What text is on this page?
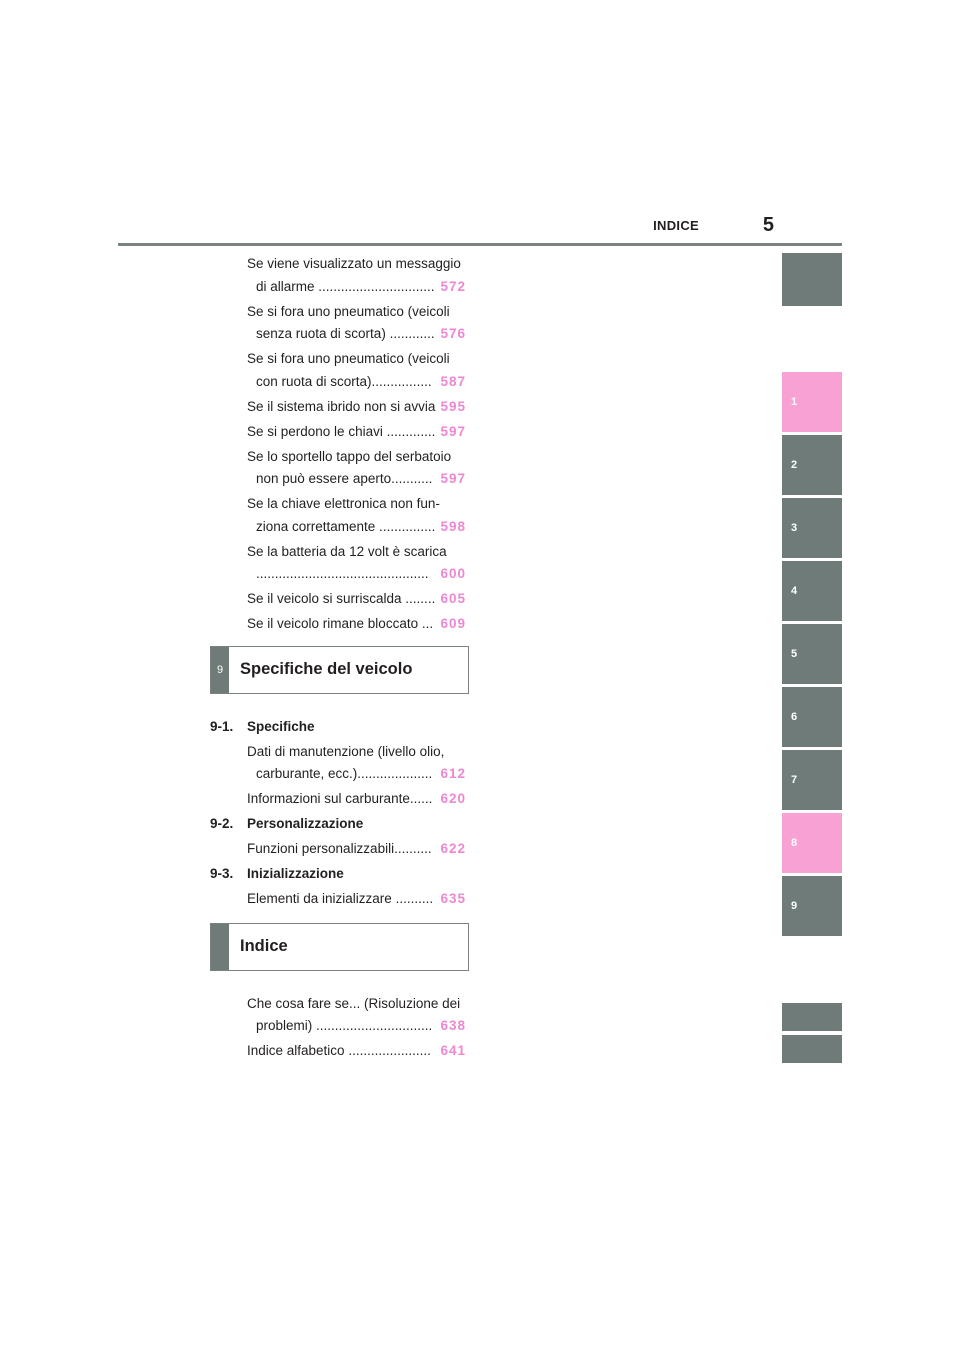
INDICE	5
Se viene visualizzato un messaggio
di allarme ............................... 572
Se si fora uno pneumatico (veicoli
senza ruota di scorta) ............ 576
Se si fora uno pneumatico (veicoli
con ruota di scorta)................ 587
Se il sistema ibrido non si avvia 595
Se si perdono le chiavi ............. 597
Se lo sportello tappo del serbatoio
non può essere aperto........... 597
Se la chiave elettronica non fun-
ziona correttamente ............... 598
Se la batteria da 12 volt è scarica
.............................................. 600
Se il veicolo si surriscalda ........ 605
Se il veicolo rimane bloccato ... 609
9	Specifiche del veicolo
9-1. Specifiche
Dati di manutenzione (livello olio,
carburante, ecc.).................... 612
Informazioni sul carburante...... 620
9-2. Personalizzazione
Funzioni personalizzabili.......... 622
9-3. Inizializzazione
Elementi da inizializzare .......... 635
Indice
Che cosa fare se... (Risoluzione dei
problemi) ............................... 638
Indice alfabetico ...................... 641
1
2
3
4
5
6
7
8
9
